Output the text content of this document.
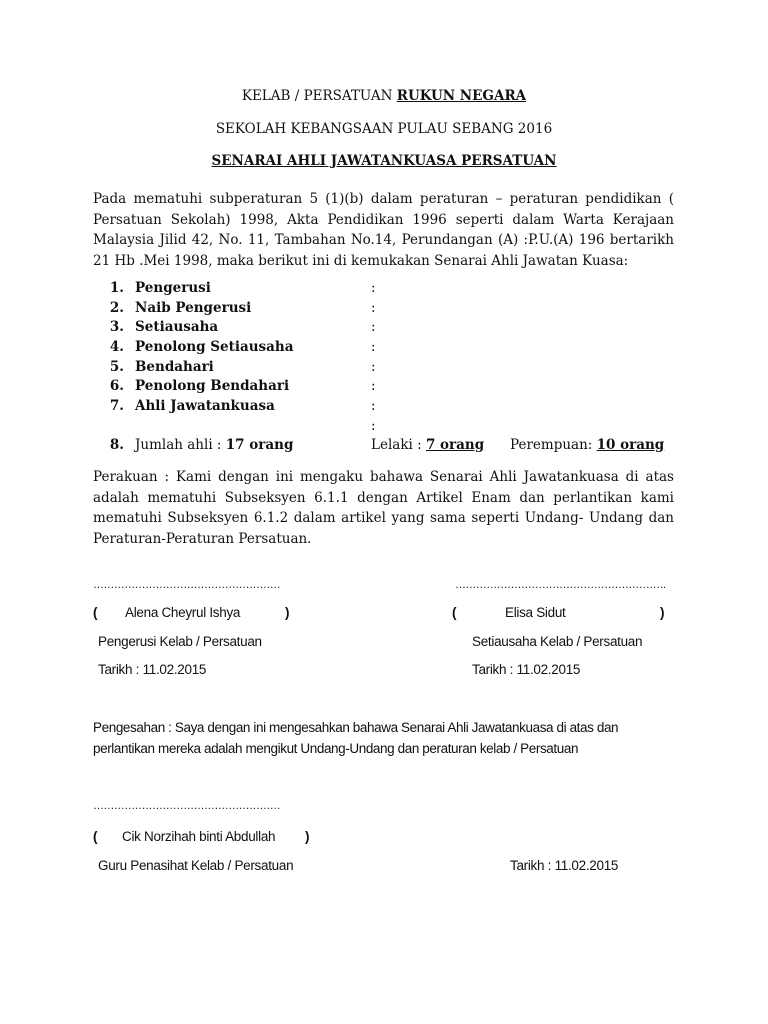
KELAB / PERSATUAN RUKUN NEGARA
SEKOLAH KEBANGSAAN PULAU SEBANG 2016
SENARAI AHLI JAWATANKUASA PERSATUAN
Pada mematuhi subperaturan 5 (1)(b) dalam peraturan – peraturan pendidikan ( Persatuan Sekolah) 1998, Akta Pendidikan 1996 seperti dalam Warta Kerajaan Malaysia Jilid 42, No. 11, Tambahan No.14, Perundangan (A) :P.U.(A) 196 bertarikh 21 Hb .Mei 1998, maka berikut ini di kemukakan Senarai Ahli Jawatan Kuasa:
1. Pengerusi	:
2. Naib Pengerusi	:
3. Setiausaha	:
4. Penolong Setiausaha	:
5. Bendahari	:
6. Penolong Bendahari	:
7. Ahli Jawatankuasa	:
:
8. Jumlah ahli : 17 orang	Lelaki : 7 orang Perempuan: 10 orang
Perakuan : Kami dengan ini mengaku bahawa Senarai Ahli Jawatankuasa di atas adalah mematuhi Subseksyen 6.1.1 dengan Artikel Enam dan perlantikan kami mematuhi Subseksyen 6.1.2 dalam artikel yang sama seperti Undang- Undang dan Peraturan-Peraturan Persatuan.
………………………………………………	…………………………………………………….
( Alena Cheyrul Ishya	)	(	Elisa Sidut	)
Pengerusi Kelab / Persatuan	Setiausaha Kelab / Persatuan
Tarikh : 11.02.2015	Tarikh : 11.02.2015
Pengesahan : Saya dengan ini mengesahkan bahawa Senarai Ahli Jawatankuasa di atas dan perlantikan mereka adalah mengikut Undang-Undang dan peraturan kelab / Persatuan
………………………………………………
( Cik Norzihah binti Abdullah )
Guru Penasihat Kelab / Persatuan	Tarikh : 11.02.2015
